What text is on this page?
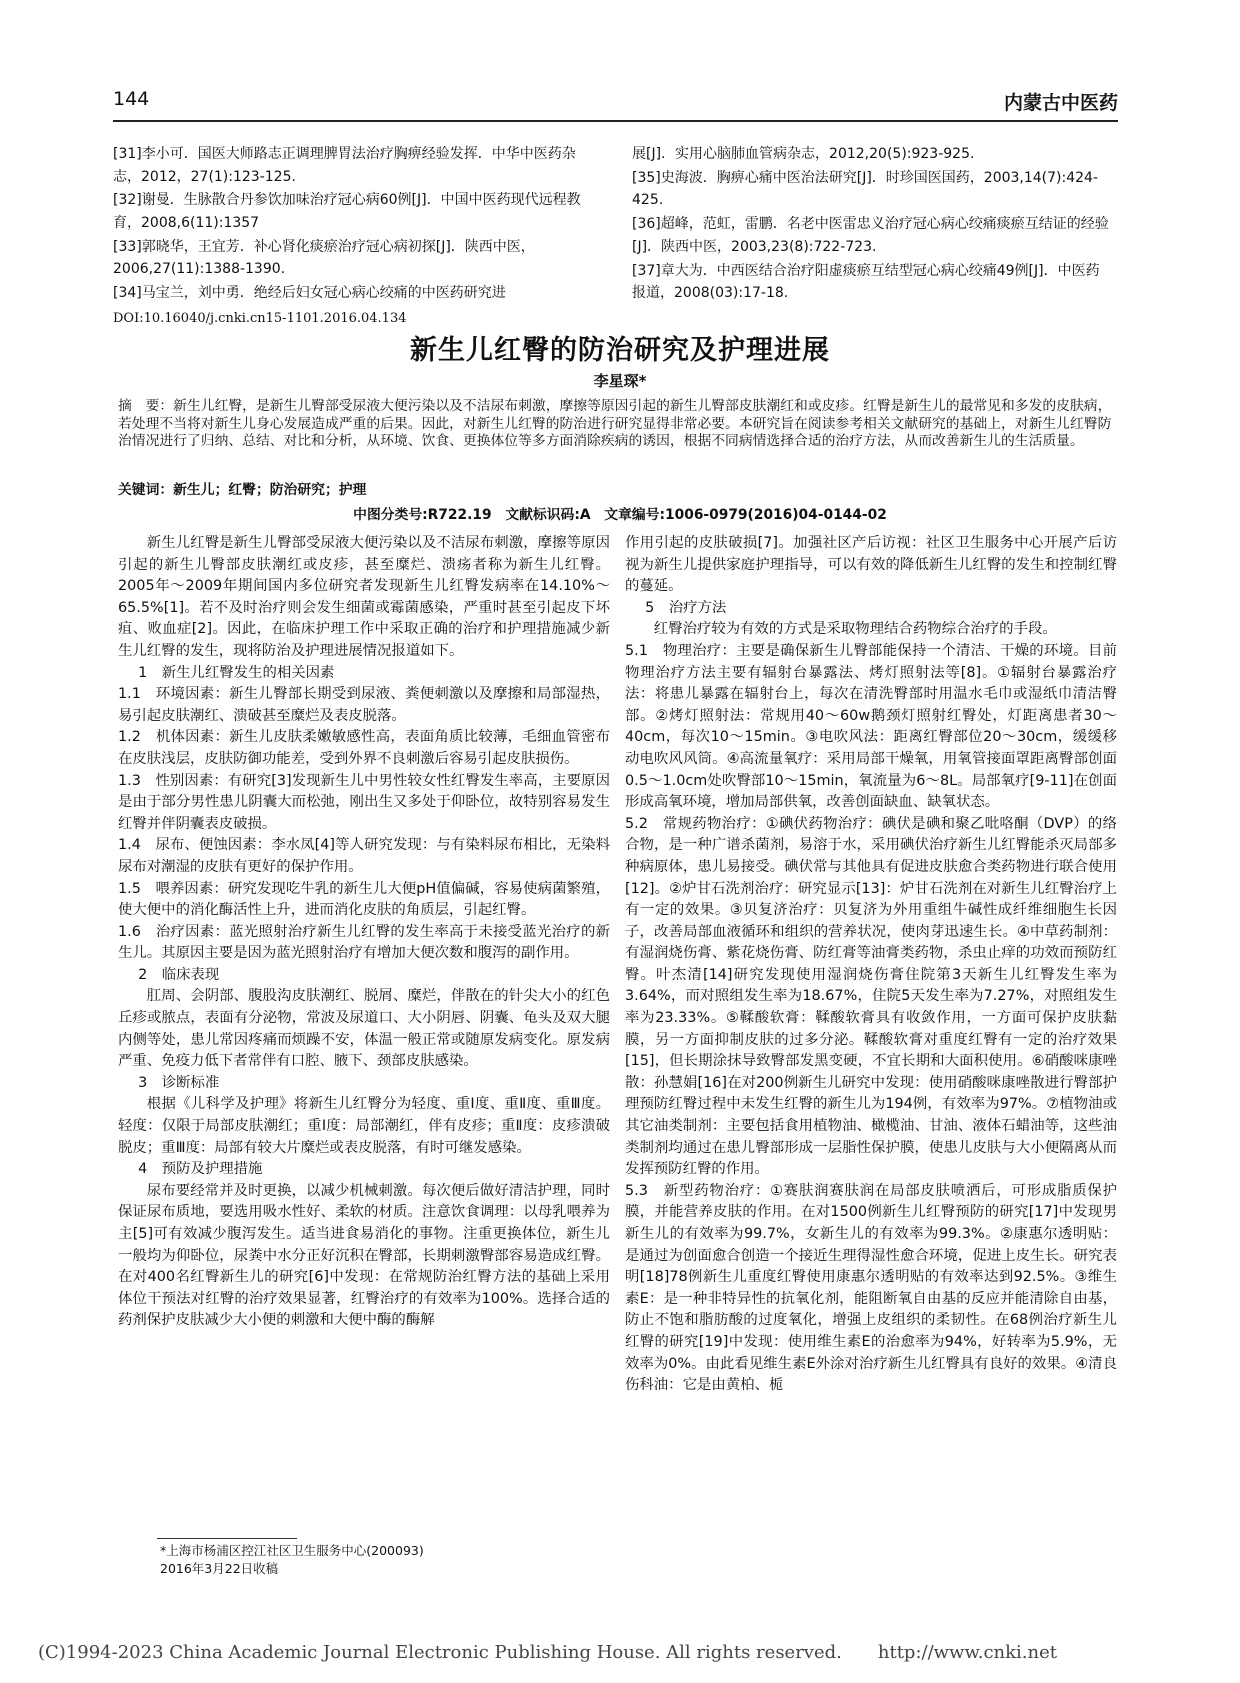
144	内蒙古中医药

[31]李小可．国医大师路志正调理脾胃法治疗胸痹经验发挥．中华中医药杂志，2012，27(1):123-125.

[32]谢曼．生脉散合丹参饮加味治疗冠心病60例[J]．中国中医药现代远程教育，2008,6(11):1357

[33]郭晓华，王宜芳．补心肾化痰瘀治疗冠心病初探[J]．陕西中医，2006,27(11):1388-1390.

[34]马宝兰，刘中勇．绝经后妇女冠心病心绞痛的中医药研究进

展[J]．实用心脑肺血管病杂志，2012,20(5):923-925.

[35]史海波．胸痹心痛中医治法研究[J]．时珍国医国药，2003,14(7):424-425.

[36]超峰，范虹，雷鹏．名老中医雷忠义治疗冠心病心绞痛痰瘀互结证的经验[J]．陕西中医，2003,23(8):722-723.

[37]章大为．中西医结合治疗阳虚痰瘀互结型冠心病心绞痛49例[J]．中医药报道，2008(03):17-18.

DOI:10.16040/j.cnki.cn15-1101.2016.04.134
新生儿红臀的防治研究及护理进展
李星琛*

摘　要：新生儿红臀，是新生儿臀部受尿液大便污染以及不洁尿布刺激，摩擦等原因引起的新生儿臀部皮肤潮红和或皮疹。红臀是新生儿的最常见和多发的皮肤病，若处理不当将对新生儿身心发展造成严重的后果。因此，对新生儿红臀的防治进行研究显得非常必要。本研究旨在阅读参考相关文献研究的基础上，对新生儿红臀防治情况进行了归纳、总结、对比和分析，从环境、饮食、更换体位等多方面消除疾病的诱因，根据不同病情选择合适的治疗方法，从而改善新生儿的生活质量。

关键词：新生儿；红臀；防治研究；护理
中图分类号:R722.19　文献标识码:A　文章编号:1006-0979(2016)04-0144-02

新生儿红臀是新生儿臀部受尿液大便污染以及不洁尿布刺激，摩擦等原因引起的新生儿臀部皮肤潮红或皮疹，甚至糜烂、溃疡者称为新生儿红臀。2005年～2009年期间国内多位研究者发现新生儿红臀发病率在14.10%～65.5%[1]。若不及时治疗则会发生细菌或霉菌感染，严重时甚至引起皮下坏疽、败血症[2]。因此，在临床护理工作中采取正确的治疗和护理措施减少新生儿红臀的发生，现将防治及护理进展情况报道如下。

1　新生儿红臀发生的相关因素

1.1　环境因素：新生儿臀部长期受到尿液、粪便刺激以及摩擦和局部湿热，易引起皮肤潮红、溃破甚至糜烂及表皮脱落。

1.2　机体因素：新生儿皮肤柔嫩敏感性高，表面角质比较薄，毛细血管密布在皮肤浅层，皮肤防御功能差，受到外界不良刺激后容易引起皮肤损伤。

1.3　性别因素：有研究[3]发现新生儿中男性较女性红臀发生率高，主要原因是由于部分男性患儿阴囊大而松弛，刚出生又多处于仰卧位，故特别容易发生红臀并伴阴囊表皮破损。

1.4　尿布、便蚀因素：李水凤[4]等人研究发现：与有染料尿布相比，无染料尿布对潮湿的皮肤有更好的保护作用。

1.5　喂养因素：研究发现吃牛乳的新生儿大便pH值偏碱，容易使病菌繁殖，使大便中的消化酶活性上升，进而消化皮肤的角质层，引起红臀。

1.6　治疗因素：蓝光照射治疗新生儿红臀的发生率高于未接受蓝光治疗的新生儿。其原因主要是因为蓝光照射治疗有增加大便次数和腹泻的副作用。

2　临床表现

肛周、会阴部、腹股沟皮肤潮红、脱屑、糜烂，伴散在的针尖大小的红色丘疹或脓点，表面有分泌物，常波及尿道口、大小阴唇、阴囊、龟头及双大腿内侧等处，患儿常因疼痛而烦躁不安，体温一般正常或随原发病变化。原发病严重、免疫力低下者常伴有口腔、腋下、颈部皮肤感染。

3　诊断标准

根据《儿科学及护理》将新生儿红臀分为轻度、重Ⅰ度、重Ⅱ度、重Ⅲ度。轻度：仅限于局部皮肤潮红；重Ⅰ度：局部潮红，伴有皮疹；重Ⅱ度：皮疹溃破脱皮；重Ⅲ度：局部有较大片糜烂或表皮脱落，有时可继发感染。

4　预防及护理措施

尿布要经常并及时更换，以减少机械刺激。每次便后做好清洁护理，同时保证尿布质地，要选用吸水性好、柔软的材质。注意饮食调理：以母乳喂养为主[5]可有效减少腹泻发生。适当进食易消化的事物。注重更换体位，新生儿一般均为仰卧位，尿粪中水分正好沉积在臀部，长期刺激臀部容易造成红臀。在对400名红臀新生儿的研究[6]中发现：在常规防治红臀方法的基础上采用体位干预法对红臀的治疗效果显著，红臀治疗的有效率为100%。选择合适的药剂保护皮肤减少大小便的刺激和大便中酶的酶解

作用引起的皮肤破损[7]。加强社区产后访视：社区卫生服务中心开展产后访视为新生儿提供家庭护理指导，可以有效的降低新生儿红臀的发生和控制红臀的蔓延。

5　治疗方法

红臀治疗较为有效的方式是采取物理结合药物综合治疗的手段。

5.1　物理治疗：主要是确保新生儿臀部能保持一个清洁、干燥的环境。目前物理治疗方法主要有辐射台暴露法、烤灯照射法等[8]。①辐射台暴露治疗法：将患儿暴露在辐射台上，每次在清洗臀部时用温水毛巾或湿纸巾清洁臀部。②烤灯照射法：常规用40～60w鹅颈灯照射红臀处，灯距离患者30～40cm，每次10～15min。③电吹风法：距离红臀部位20～30cm，缓缓移动电吹风风筒。④高流量氧疗：采用局部干燥氧，用氧管接面罩距离臀部创面0.5～1.0cm处吹臀部10～15min，氧流量为6～8L。局部氧疗[9-11]在创面形成高氧环境，增加局部供氧，改善创面缺血、缺氧状态。

5.2　常规药物治疗：①碘伏药物治疗：碘伏是碘和聚乙吡咯酮（DVP）的络合物，是一种广谱杀菌剂，易溶于水，采用碘伏治疗新生儿红臀能杀灭局部多种病原体，患儿易接受。碘伏常与其他具有促进皮肤愈合类药物进行联合使用[12]。②炉甘石洗剂治疗：研究显示[13]：炉甘石洗剂在对新生儿红臀治疗上有一定的效果。③贝复济治疗：贝复济为外用重组牛碱性成纤维细胞生长因子，改善局部血液循环和组织的营养状况，使肉芽迅速生长。④中草药制剂：有湿润烧伤膏、紫花烧伤膏、防红膏等油膏类药物，杀虫止痒的功效而预防红臀。叶杰清[14]研究发现使用湿润烧伤膏住院第3天新生儿红臀发生率为3.64%，而对照组发生率为18.67%，住院5天发生率为7.27%，对照组发生率为23.33%。⑤鞣酸软膏：鞣酸软膏具有收敛作用，一方面可保护皮肤黏膜，另一方面抑制皮肤的过多分泌。鞣酸软膏对重度红臀有一定的治疗效果[15]，但长期涂抹导致臀部发黑变硬，不宜长期和大面积使用。⑥硝酸咪康唑散：孙慧娟[16]在对200例新生儿研究中发现：使用硝酸咪康唑散进行臀部护理预防红臀过程中未发生红臀的新生儿为194例，有效率为97%。⑦植物油或其它油类制剂：主要包括食用植物油、橄榄油、甘油、液体石蜡油等，这些油类制剂均通过在患儿臀部形成一层脂性保护膜，使患儿皮肤与大小便隔离从而发挥预防红臀的作用。

5.3　新型药物治疗：①赛肤润赛肤润在局部皮肤喷洒后，可形成脂质保护膜，并能营养皮肤的作用。在对1500例新生儿红臀预防的研究[17]中发现男新生儿的有效率为99.7%，女新生儿的有效率为99.3%。②康惠尔透明贴：是通过为创面愈合创造一个接近生理得湿性愈合环境，促进上皮生长。研究表明[18]78例新生儿重度红臀使用康惠尔透明贴的有效率达到92.5%。③维生素E：是一种非特异性的抗氧化剂，能阻断氧自由基的反应并能清除自由基，防止不饱和脂肪酸的过度氧化，增强上皮组织的柔韧性。在68例治疗新生儿红臀的研究[19]中发现：使用维生素E的治愈率为94%，好转率为5.9%，无效率为0%。由此看见维生素E外涂对治疗新生儿红臀具有良好的效果。④清良伤科油：它是由黄柏、栀

*上海市杨浦区控江社区卫生服务中心(200093)
2016年3月22日收稿
(C)1994-2023 China Academic Journal Electronic Publishing House. All rights reserved.　　http://www.cnki.net
